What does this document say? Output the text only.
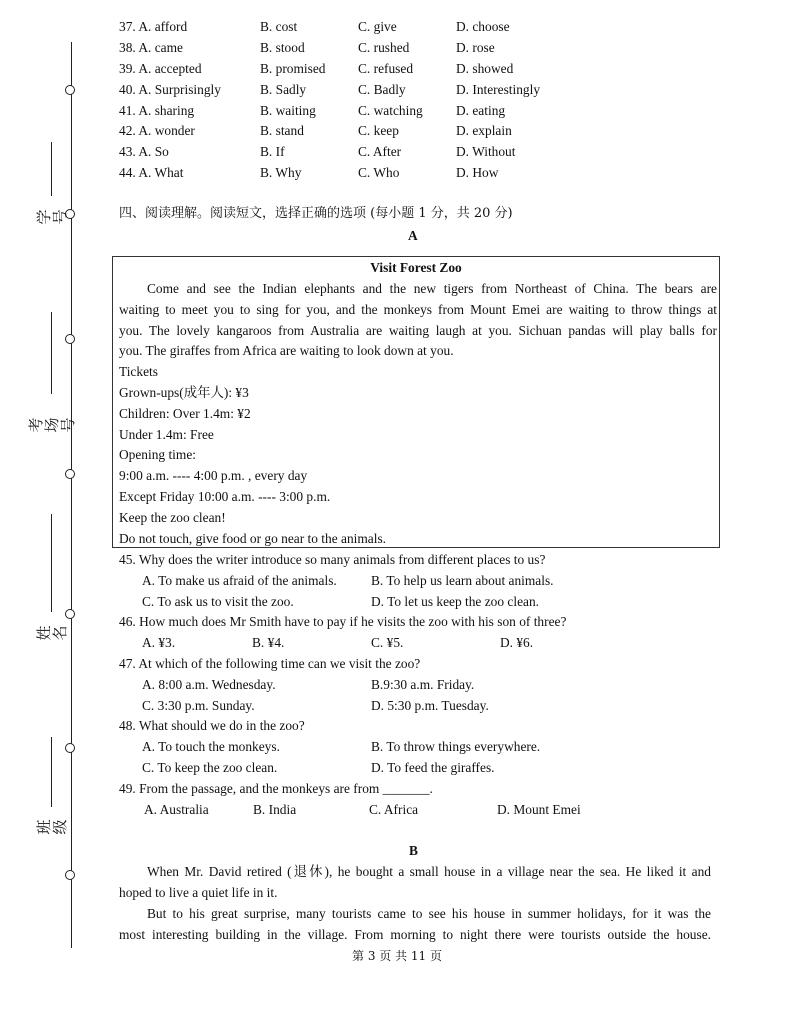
学号
考场号
姓名
班级
37. A. afford	B. cost	C. give	D. choose
38. A. came	B. stood	C. rushed	D. rose
39. A. accepted	B. promised C. refused	D. showed
40. A. Surprisingly	B. Sadly	C. Badly	D. Interestingly
41. A. sharing	B. waiting	C. watching D. eating
42. A. wonder	B. stand	C. keep	D. explain
43. A. So	B. If	C. After	D. Without
44. A. What	B. Why	C. Who	D. How
四、阅读理解。阅读短文，选择正确的选项 (每小题 1 分，共 20 分)
A
Visit Forest Zoo
Come and see the Indian elephants and the new tigers from Northeast of China. The bears are
waiting to meet you to sing for you, and the monkeys from Mount Emei are waiting to throw things at
you. The lovely kangaroos from Australia are waiting laugh at you. Sichuan pandas will play balls for
you. The giraffes from Africa are waiting to look down at you.
Tickets
Grown-ups(成年人): ¥3
Children: Over 1.4m: ¥2
Under 1.4m: Free
Opening time:
9:00 a.m. ---- 4:00 p.m. , every day
Except Friday 10:00 a.m. ---- 3:00 p.m.
Keep the zoo clean!
Do not touch, give food or go near to the animals.
45. Why does the writer introduce so many animals from different places to us?
A. To make us afraid of the animals.	B. To help us learn about animals.
C. To ask us to visit the zoo.	D. To let us keep the zoo clean.
46. How much does Mr Smith have to pay if he visits the zoo with his son of three?
A. ¥3.	B. ¥4.	C. ¥5.	D. ¥6.
47. At which of the following time can we visit the zoo?
A. 8:00 a.m. Wednesday.	B.9:30 a.m. Friday.
C. 3:30 p.m. Sunday.	D. 5:30 p.m. Tuesday.
48. What should we do in the zoo?
A. To touch the monkeys.	B. To throw things everywhere.
C. To keep the zoo clean.	D. To feed the giraffes.
49. From the passage, and the monkeys are from _______.
A. Australia	B. India	C. Africa	D. Mount Emei
B
When Mr. David retired (退休), he bought a small house in a village near the sea. He liked it and
hoped to live a quiet life in it.
But to his great surprise, many tourists came to see his house in summer holidays, for it was the
most interesting building in the village. From morning to night there were tourists outside the house.
第 3 页 共 11 页
